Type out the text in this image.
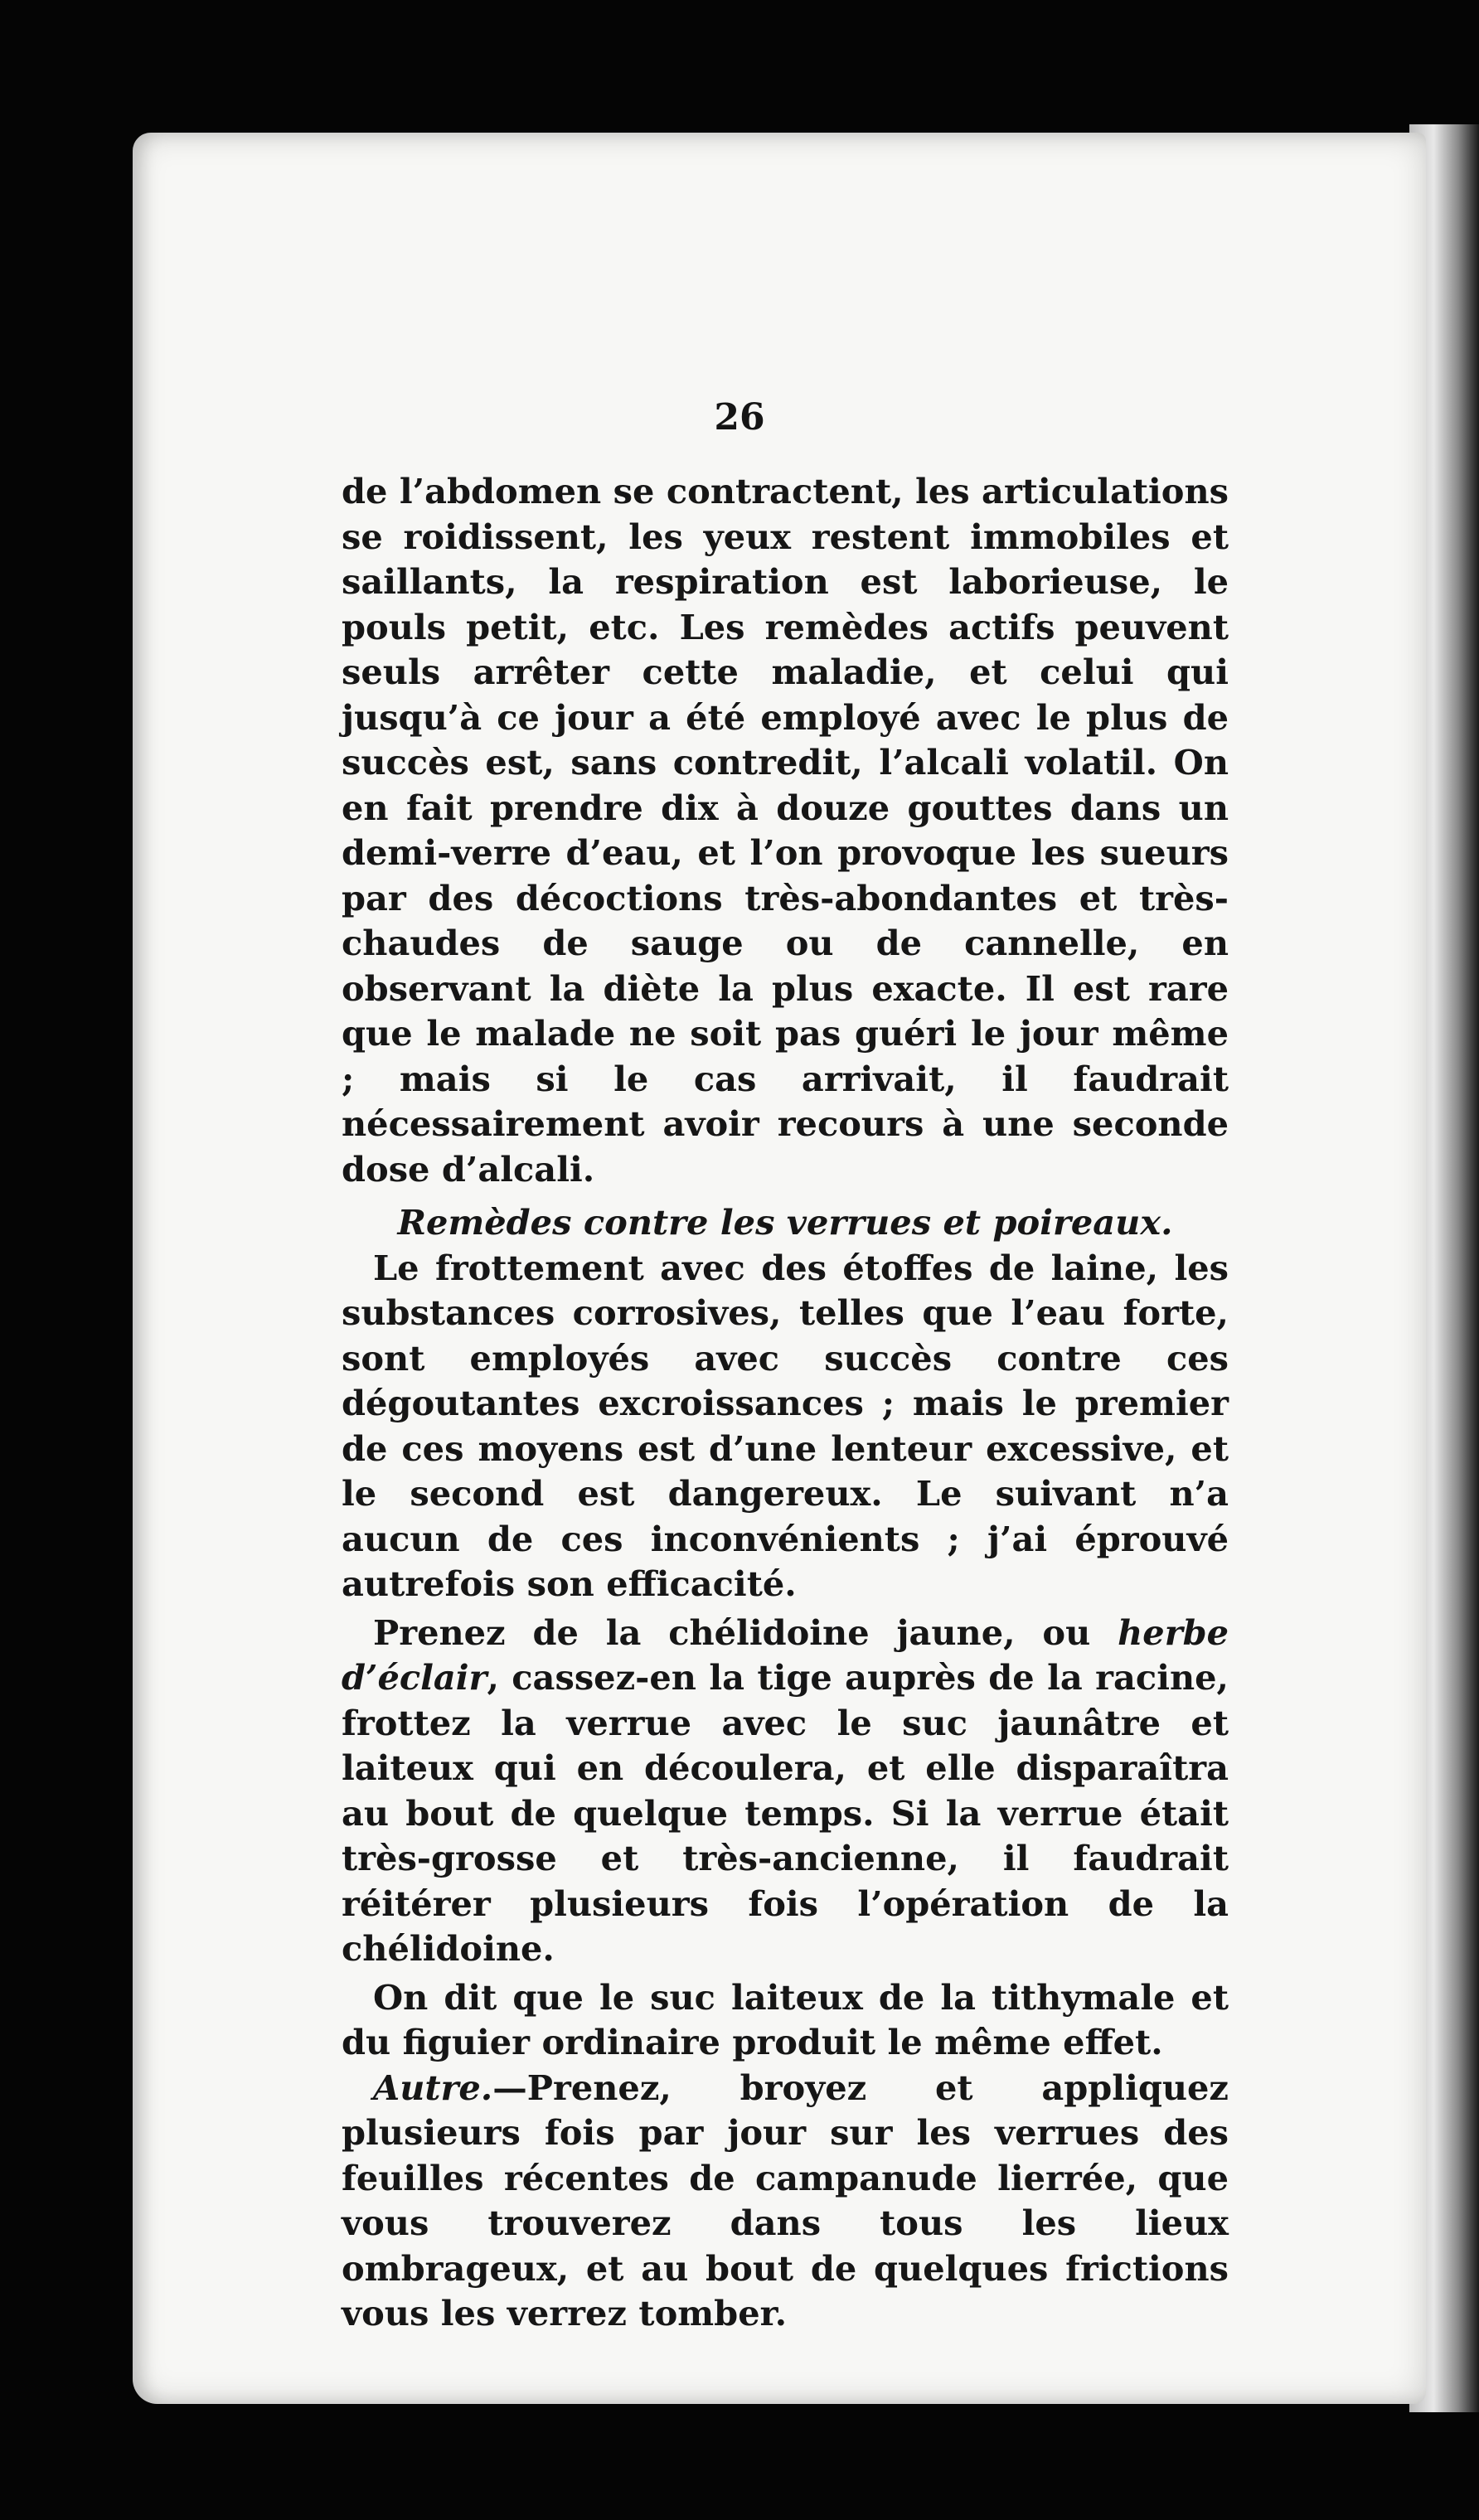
26

de l’abdomen se contractent, les articulations se roidissent, les yeux restent immobiles et saillants, la respiration est laborieuse, le pouls petit, etc. Les remèdes actifs peuvent seuls arrêter cette maladie, et celui qui jusqu’à ce jour a été employé avec le plus de succès est, sans contredit, l’alcali volatil. On en fait prendre dix à douze gouttes dans un demi-verre d’eau, et l’on provoque les sueurs par des décoctions très-abondantes et très-chaudes de sauge ou de cannelle, en observant la diète la plus exacte. Il est rare que le malade ne soit pas guéri le jour même ; mais si le cas arrivait, il faudrait nécessairement avoir recours à une seconde dose d’alcali.

Remèdes contre les verrues et poireaux.

Le frottement avec des étoffes de laine, les substances corrosives, telles que l’eau forte, sont employés avec succès contre ces dégoutantes excroissances ; mais le premier de ces moyens est d’une lenteur excessive, et le second est dangereux. Le suivant n’a aucun de ces inconvénients ; j’ai éprouvé autrefois son efficacité.

Prenez de la chélidoine jaune, ou herbe d’éclair, cassez-en la tige auprès de la racine, frottez la verrue avec le suc jaunâtre et laiteux qui en découlera, et elle disparaîtra au bout de quelque temps. Si la verrue était très-grosse et très-ancienne, il faudrait réitérer plusieurs fois l’opération de la chélidoine.

On dit que le suc laiteux de la tithymale et du figuier ordinaire produit le même effet.

Autre.—Prenez, broyez et appliquez plusieurs fois par jour sur les verrues des feuilles récentes de campanude lierrée, que vous trouverez dans tous les lieux ombrageux, et au bout de quelques frictions vous les verrez tomber.
